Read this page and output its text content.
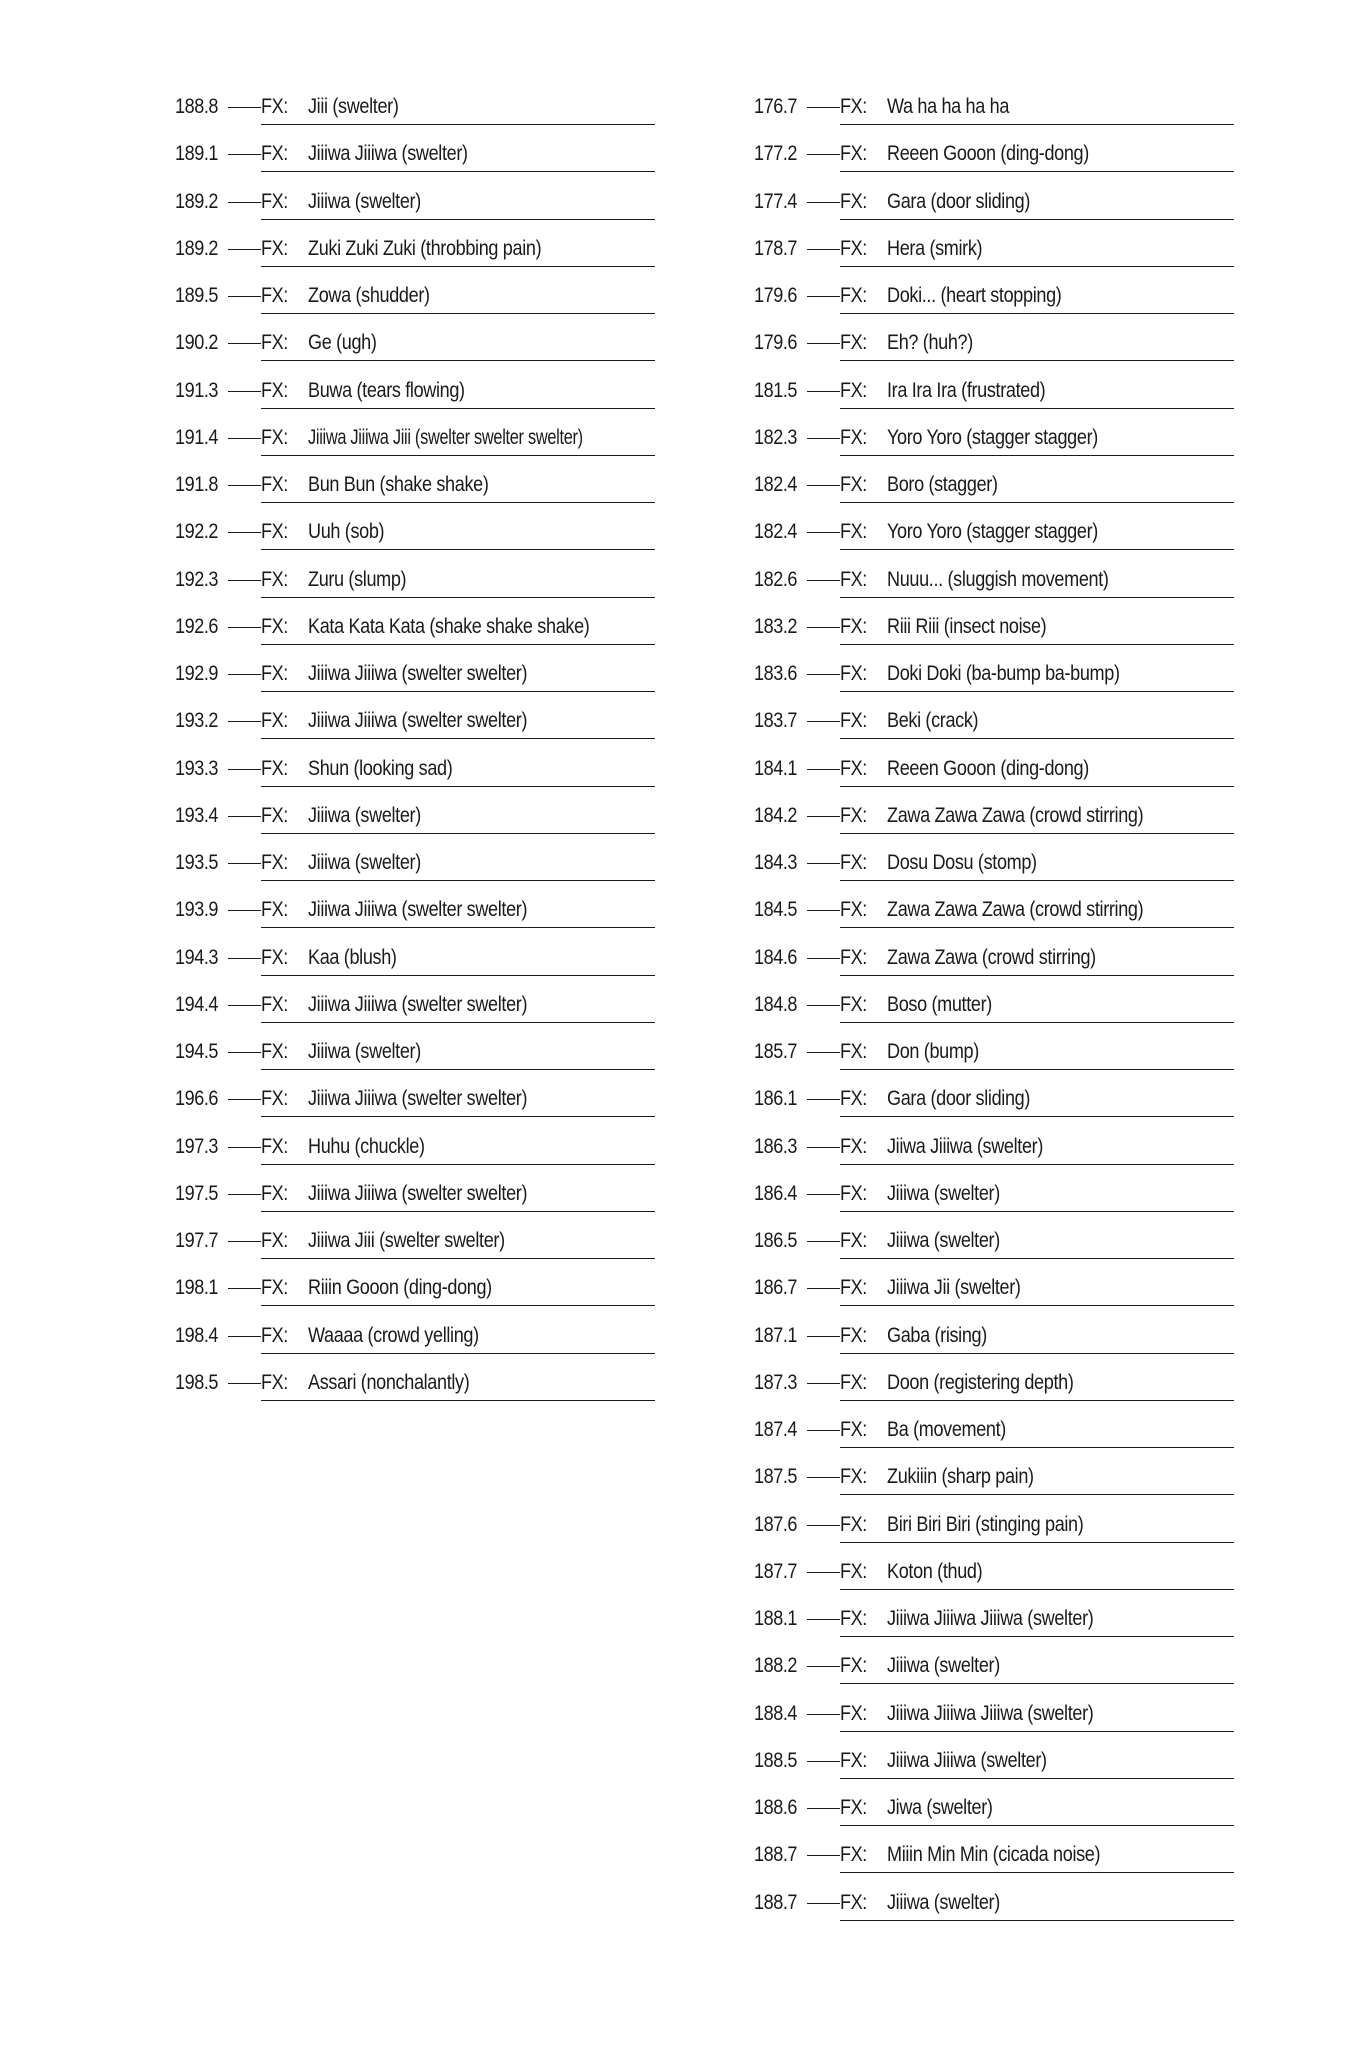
188.8 FX: Jiii (swelter)
189.1 FX: Jiiiwa Jiiiwa (swelter)
189.2 FX: Jiiiwa (swelter)
189.2 FX: Zuki Zuki Zuki (throbbing pain)
189.5 FX: Zowa (shudder)
190.2 FX: Ge (ugh)
191.3 FX: Buwa (tears flowing)
191.4 FX: Jiiiwa Jiiiwa Jiii (swelter swelter swelter)
191.8 FX: Bun Bun (shake shake)
192.2 FX: Uuh (sob)
192.3 FX: Zuru (slump)
192.6 FX: Kata Kata Kata (shake shake shake)
192.9 FX: Jiiiwa Jiiiwa (swelter swelter)
193.2 FX: Jiiiwa Jiiiwa (swelter swelter)
193.3 FX: Shun (looking sad)
193.4 FX: Jiiiwa (swelter)
193.5 FX: Jiiiwa (swelter)
193.9 FX: Jiiiwa Jiiiwa (swelter swelter)
194.3 FX: Kaa (blush)
194.4 FX: Jiiiwa Jiiiwa (swelter swelter)
194.5 FX: Jiiiwa (swelter)
196.6 FX: Jiiiwa Jiiiwa (swelter swelter)
197.3 FX: Huhu (chuckle)
197.5 FX: Jiiiwa Jiiiwa (swelter swelter)
197.7 FX: Jiiiwa Jiii (swelter swelter)
198.1 FX: Riiin Gooon (ding-dong)
198.4 FX: Waaaa (crowd yelling)
198.5 FX: Assari (nonchalantly)
176.7 FX: Wa ha ha ha ha
177.2 FX: Reeen Gooon (ding-dong)
177.4 FX: Gara (door sliding)
178.7 FX: Hera (smirk)
179.6 FX: Doki... (heart stopping)
179.6 FX: Eh? (huh?)
181.5 FX: Ira Ira Ira (frustrated)
182.3 FX: Yoro Yoro (stagger stagger)
182.4 FX: Boro (stagger)
182.4 FX: Yoro Yoro (stagger stagger)
182.6 FX: Nuuu... (sluggish movement)
183.2 FX: Riii Riii (insect noise)
183.6 FX: Doki Doki (ba-bump ba-bump)
183.7 FX: Beki (crack)
184.1 FX: Reeen Gooon (ding-dong)
184.2 FX: Zawa Zawa Zawa (crowd stirring)
184.3 FX: Dosu Dosu (stomp)
184.5 FX: Zawa Zawa Zawa (crowd stirring)
184.6 FX: Zawa Zawa (crowd stirring)
184.8 FX: Boso (mutter)
185.7 FX: Don (bump)
186.1 FX: Gara (door sliding)
186.3 FX: Jiiwa Jiiiwa (swelter)
186.4 FX: Jiiiwa (swelter)
186.5 FX: Jiiiwa (swelter)
186.7 FX: Jiiiwa Jii (swelter)
187.1 FX: Gaba (rising)
187.3 FX: Doon (registering depth)
187.4 FX: Ba (movement)
187.5 FX: Zukiiin (sharp pain)
187.6 FX: Biri Biri Biri (stinging pain)
187.7 FX: Koton (thud)
188.1 FX: Jiiiwa Jiiiwa Jiiiwa (swelter)
188.2 FX: Jiiiwa (swelter)
188.4 FX: Jiiiwa Jiiiwa Jiiiwa (swelter)
188.5 FX: Jiiiwa Jiiiwa (swelter)
188.6 FX: Jiwa (swelter)
188.7 FX: Miiin Min Min (cicada noise)
188.7 FX: Jiiiwa (swelter)
